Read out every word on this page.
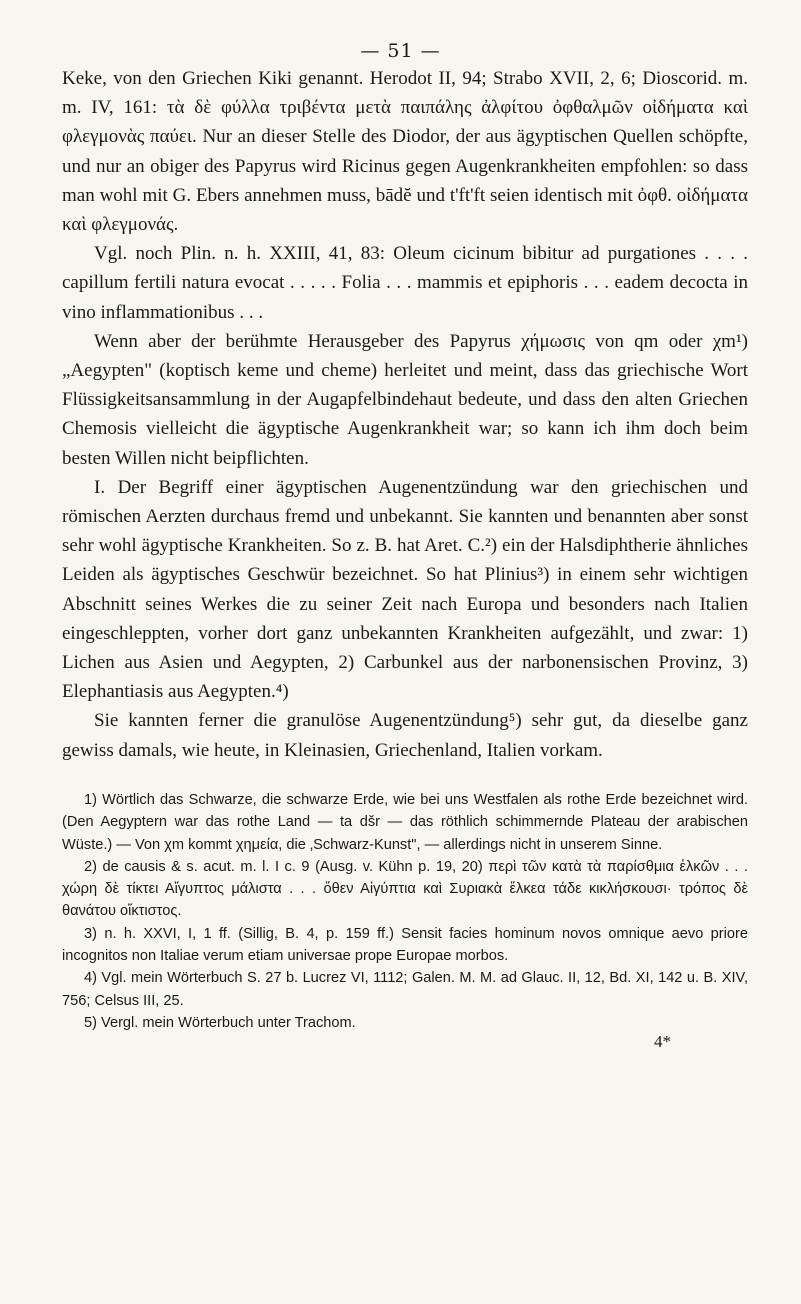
— 51 —

Keke, von den Griechen Kiki genannt. Herodot II, 94; Strabo XVII, 2, 6; Dioscorid. m. m. IV, 161: τὰ δὲ φύλλα τριβέντα μετὰ παιπάλης ἀλφίτου ὀφθαλμῶν οἰδήματα καὶ φλεγμονὰς παύει. Nur an dieser Stelle des Diodor, der aus ägyptischen Quellen schöpfte, und nur an obiger des Papyrus wird Ricinus gegen Augenkrankheiten empfohlen: so dass man wohl mit G. Ebers annehmen muss, bādĕ und t'ft'ft seien identisch mit ὀφθ. οἰδήματα καὶ φλεγμονάς.

Vgl. noch Plin. n. h. XXIII, 41, 83: Oleum cicinum bibitur ad purgationes . . . . capillum fertili natura evocat . . . . . Folia . . . mammis et epiphoris . . . eadem decocta in vino inflammationibus . . .

Wenn aber der berühmte Herausgeber des Papyrus χήμωσις von qm oder χm¹) „Aegypten" (koptisch keme und cheme) herleitet und meint, dass das griechische Wort Flüssigkeitsansammlung in der Augapfelbindehaut bedeute, und dass den alten Griechen Chemosis vielleicht die ägyptische Augenkrankheit war; so kann ich ihm doch beim besten Willen nicht beipflichten.

I. Der Begriff einer ägyptischen Augenentzündung war den griechischen und römischen Aerzten durchaus fremd und unbekannt. Sie kannten und benannten aber sonst sehr wohl ägyptische Krankheiten. So z. B. hat Aret. C.²) ein der Halsdiphtherie ähnliches Leiden als ägyptisches Geschwür bezeichnet. So hat Plinius³) in einem sehr wichtigen Abschnitt seines Werkes die zu seiner Zeit nach Europa und besonders nach Italien eingeschleppten, vorher dort ganz unbekannten Krankheiten aufgezählt, und zwar: 1) Lichen aus Asien und Aegypten, 2) Carbunkel aus der narbonensischen Provinz, 3) Elephantiasis aus Aegypten.⁴)

Sie kannten ferner die granulöse Augenentzündung⁵) sehr gut, da dieselbe ganz gewiss damals, wie heute, in Kleinasien, Griechenland, Italien vorkam.

1) Wörtlich das Schwarze, die schwarze Erde, wie bei uns Westfalen als rothe Erde bezeichnet wird. (Den Aegyptern war das rothe Land — ta dšr — das röthlich schimmernde Plateau der arabischen Wüste.) — Von χm kommt χημεία, die ‚Schwarz-Kunst", — allerdings nicht in unserem Sinne.

2) de causis & s. acut. m. l. I c. 9 (Ausg. v. Kühn p. 19, 20) περὶ τῶν κατὰ τὰ παρίσθμια ἑλκῶν . . . χώρη δὲ τίκτει Αἴγυπτος μάλιστα . . . ὅθεν Αἰγύπτια καὶ Συριακὰ ἕλκεα τάδε κικλήσκουσι· τρόπος δὲ θανάτου οἴκτιστος.

3) n. h. XXVI, I, 1 ff. (Sillig, B. 4, p. 159 ff.) Sensit facies hominum novos omnique aevo priore incognitos non Italiae verum etiam universae prope Europae morbos.

4) Vgl. mein Wörterbuch S. 27 b. Lucrez VI, 1112; Galen. M. M. ad Glauc. II, 12, Bd. XI, 142 u. B. XIV, 756; Celsus III, 25.

5) Vergl. mein Wörterbuch unter Trachom.

4*
